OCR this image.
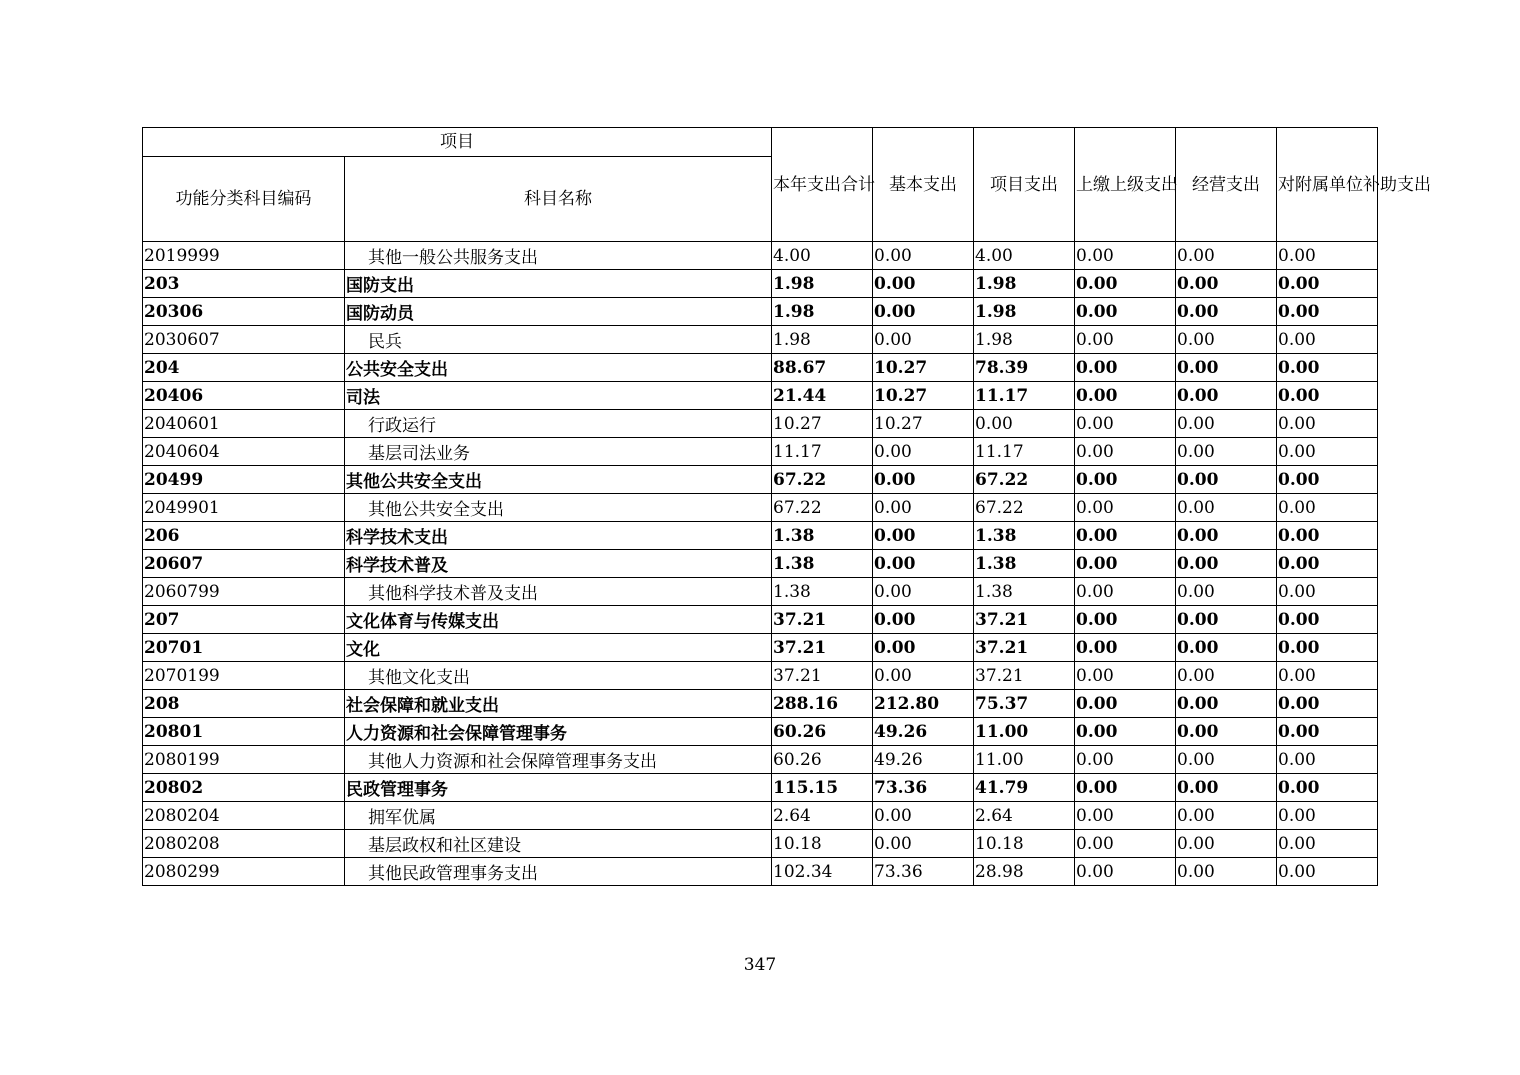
项目		本年支出合计	基本支出	项目支出	上缴上级支出	经营支出	对附属单位补助支出
功能分类科目编码	科目名称						
2019999	其他一般公共服务支出	4.00	0.00	4.00	0.00	0.00	0.00
203	国防支出	1.98	0.00	1.98	0.00	0.00	0.00
20306	国防动员	1.98	0.00	1.98	0.00	0.00	0.00
2030607	民兵	1.98	0.00	1.98	0.00	0.00	0.00
204	公共安全支出	88.67	10.27	78.39	0.00	0.00	0.00
20406	司法	21.44	10.27	11.17	0.00	0.00	0.00
2040601	行政运行	10.27	10.27	0.00	0.00	0.00	0.00
2040604	基层司法业务	11.17	0.00	11.17	0.00	0.00	0.00
20499	其他公共安全支出	67.22	0.00	67.22	0.00	0.00	0.00
2049901	其他公共安全支出	67.22	0.00	67.22	0.00	0.00	0.00
206	科学技术支出	1.38	0.00	1.38	0.00	0.00	0.00
20607	科学技术普及	1.38	0.00	1.38	0.00	0.00	0.00
2060799	其他科学技术普及支出	1.38	0.00	1.38	0.00	0.00	0.00
207	文化体育与传媒支出	37.21	0.00	37.21	0.00	0.00	0.00
20701	文化	37.21	0.00	37.21	0.00	0.00	0.00
2070199	其他文化支出	37.21	0.00	37.21	0.00	0.00	0.00
208	社会保障和就业支出	288.16	212.80	75.37	0.00	0.00	0.00
20801	人力资源和社会保障管理事务	60.26	49.26	11.00	0.00	0.00	0.00
2080199	其他人力资源和社会保障管理事务支出	60.26	49.26	11.00	0.00	0.00	0.00
20802	民政管理事务	115.15	73.36	41.79	0.00	0.00	0.00
2080204	拥军优属	2.64	0.00	2.64	0.00	0.00	0.00
2080208	基层政权和社区建设	10.18	0.00	10.18	0.00	0.00	0.00
2080299	其他民政管理事务支出	102.34	73.36	28.98	0.00	0.00	0.00
347
